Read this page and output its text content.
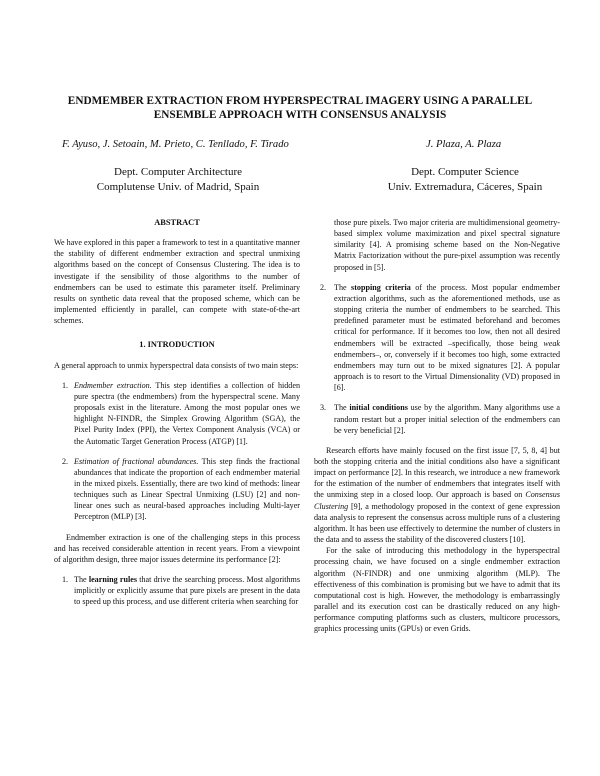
ENDMEMBER EXTRACTION FROM HYPERSPECTRAL IMAGERY USING A PARALLEL
ENSEMBLE APPROACH WITH CONSENSUS ANALYSIS
F. Ayuso, J. Setoain, M. Prieto, C. Tenllado, F. Tirado	J. Plaza, A. Plaza
Dept. Computer Architecture
Complutense Univ. of Madrid, Spain
Dept. Computer Science
Univ. Extremadura, Cáceres, Spain
ABSTRACT

We have explored in this paper a framework to test in a quantitative manner the stability of different endmember extraction and spectral unmixing algorithms based on the concept of Consensus Clustering. The idea is to investigate if the sensibility of those algorithms to the number of endmembers can be used to estimate this parameter itself. Preliminary results on synthetic data reveal that the proposed scheme, which can be implemented efficiently in parallel, can compete with state-of-the-art schemes.

1. INTRODUCTION

A general approach to unmix hyperspectral data consists of two main steps:

1. Endmember extraction. This step identifies a collection of hidden pure spectra (the endmembers) from the hyperspectral scene. Many proposals exist in the literature. Among the most popular ones we highlight N-FINDR, the Simplex Growing Algorithm (SGA), the Pixel Purity Index (PPI), the Vertex Component Analysis (VCA) or the Automatic Target Generation Process (ATGP) [1].
2. Estimation of fractional abundances. This step finds the fractional abundances that indicate the proportion of each endmember material in the mixed pixels. Essentially, there are two kind of methods: linear techniques such as Linear Spectral Unmixing (LSU) [2] and non-linear ones such as neural-based approaches including Multi-layer Perceptron (MLP) [3].

Endmember extraction is one of the challenging steps in this process and has received considerable attention in recent years. From a viewpoint of algorithm design, three major issues determine its performance [2]:

1. The learning rules that drive the searching process. Most algorithms implicitly or explicitly assume that pure pixels are present in the data to speed up this process, and use different criteria when searching for
those pure pixels. Two major criteria are multidimensional geometry-based simplex volume maximization and pixel spectral signature similarity [4]. A promising scheme based on the Non-Negative Matrix Factorization without the pure-pixel assumption was recently proposed in [5].
2. The stopping criteria of the process. Most popular endmember extraction algorithms, such as the aforementioned methods, use as stopping criteria the number of endmembers to be searched. This predefined parameter must be estimated beforehand and becomes critical for performance. If it becomes too low, then not all desired endmembers will be extracted –specifically, those being weak endmembers–, or, conversely if it becomes too high, some extracted endmembers may turn out to be mixed signatures [2]. A popular approach is to resort to the Virtual Dimensionality (VD) proposed in [6].
3. The initial conditions use by the algorithm. Many algorithms use a random restart but a proper initial selection of the endmembers can be very beneficial [2].

Research efforts have mainly focused on the first issue [7, 5, 8, 4] but both the stopping criteria and the initial conditions also have a significant impact on performance [2]. In this research, we introduce a new framework for the estimation of the number of endmembers that integrates itself with the unmixing step in a closed loop. Our approach is based on Consensus Clustering [9], a methodology proposed in the context of gene expression data analysis to represent the consensus across multiple runs of a clustering algorithm. It has been use effectively to determine the number of clusters in the data and to assess the stability of the discovered clusters [10].

For the sake of introducing this methodology in the hyperspectral processing chain, we have focused on a single endmember extraction algorithm (N-FINDR) and one unmixing algorithm (MLP). The effectiveness of this combination is promising but we have to admit that its computational cost is high. However, the methodology is embarrassingly parallel and its execution cost can be drastically reduced on any high-performance computing platforms such as clusters, multicore processors, graphics processing units (GPUs) or even Grids.
